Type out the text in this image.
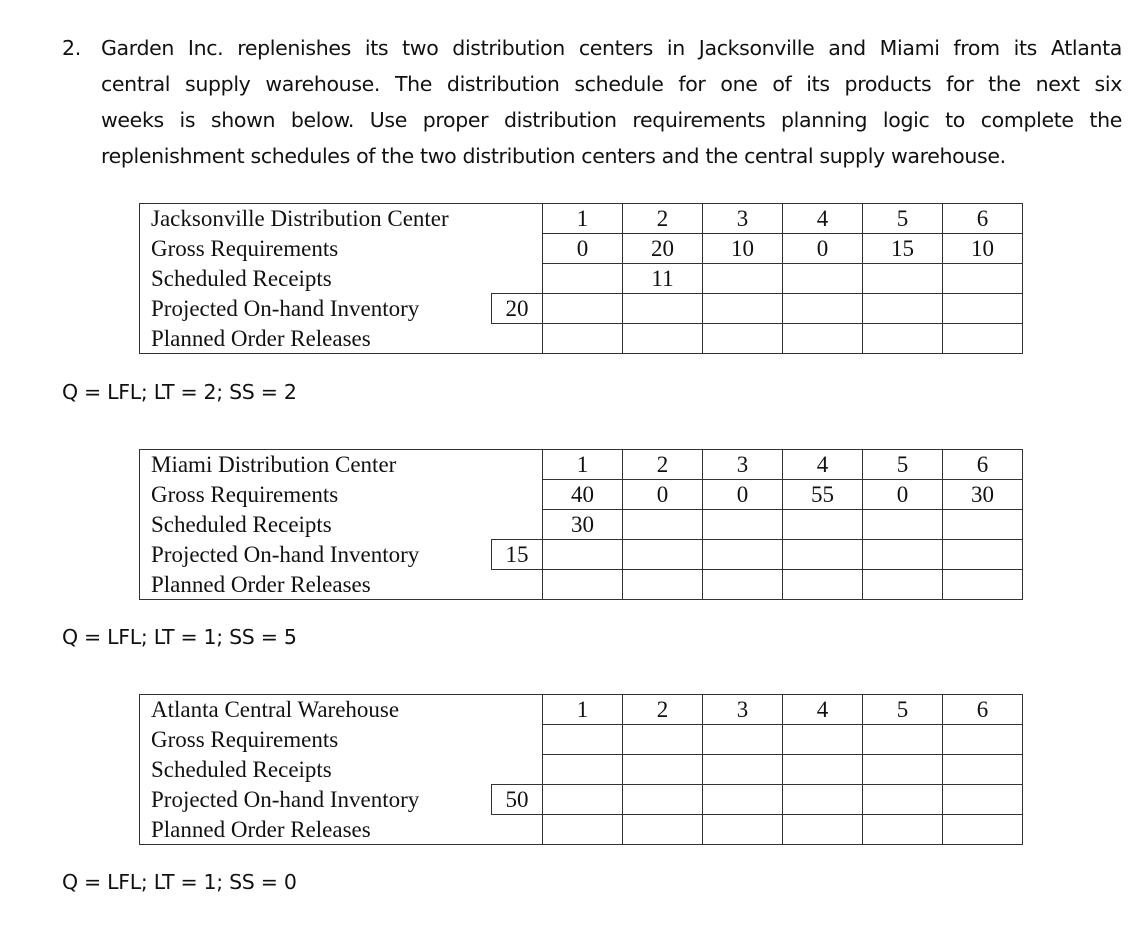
2. Garden Inc. replenishes its two distribution centers in Jacksonville and Miami from its Atlanta
central supply warehouse. The distribution schedule for one of its products for the next six
weeks is shown below. Use proper distribution requirements planning logic to complete the
replenishment schedules of the two distribution centers and the central supply warehouse.
Jacksonville Distribution Center		1	2	3	4	5	6
Gross Requirements		0	20	10	0	15	10
Scheduled Receipts			11				
Projected On-hand Inventory	20						
Planned Order Releases							
Q = LFL; LT = 2; SS = 2
Miami Distribution Center		1	2	3	4	5	6
Gross Requirements		40	0	0	55	0	30
Scheduled Receipts		30					
Projected On-hand Inventory	15						
Planned Order Releases							
Q = LFL; LT = 1; SS = 5
Atlanta Central Warehouse		1	2	3	4	5	6
Gross Requirements							
Scheduled Receipts							
Projected On-hand Inventory	50						
Planned Order Releases							
Q = LFL; LT = 1; SS = 0
